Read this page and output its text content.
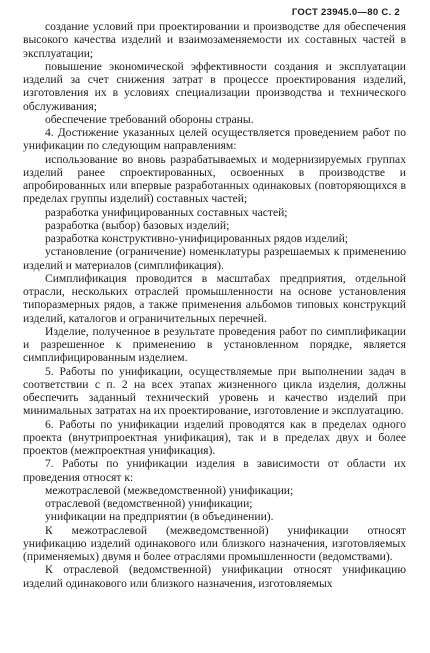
ГОСТ 23945.0—80 С. 2

создание условий при проектировании и производстве для обеспечения высокого качества изделий и взаимозаменяемости их составных частей в эксплуатации;

повышение экономической эффективности создания и эксплуатации изделий за счет снижения затрат в процессе проектирования изделий, изготовления их в условиях специализации производства и технического обслуживания;

обеспечение требований обороны страны.

4. Достижение указанных целей осуществляется проведением работ по унификации по следующим направлениям:

использование во вновь разрабатываемых и модернизируемых группах изделий ранее спроектированных, освоенных в производстве и апробированных или впервые разработанных одинаковых (повторяющихся в пределах группы изделий) составных частей;

разработка унифицированных составных частей;

разработка (выбор) базовых изделий;

разработка конструктивно-унифицированных рядов изделий;

установление (ограничение) номенклатуры разрешаемых к применению изделий и материалов (симплификация).

Симплификация проводится в масштабах предприятия, отдельной отрасли, нескольких отраслей промышленности на основе установления типоразмерных рядов, а также применения альбомов типовых конструкций изделий, каталогов и ограничительных перечней.

Изделие, полученное в результате проведения работ по симплификации и разрешенное к применению в установленном порядке, является симплифицированным изделием.

5. Работы по унификации, осуществляемые при выполнении задач в соответствии с п. 2 на всех этапах жизненного цикла изделия, должны обеспечить заданный технический уровень и качество изделий при минимальных затратах на их проектирование, изготовление и эксплуатацию.

6. Работы по унификации изделий проводятся как в пределах одного проекта (внутрипроектная унификация), так и в пределах двух и более проектов (межпроектная унификация).

7. Работы по унификации изделия в зависимости от области их проведения относят к:

межотраслевой (межведомственной) унификации;

отраслевой (ведомственной) унификации;

унификации на предприятии (в объединении).

К межотраслевой (межведомственной) унификации относят унификацию изделий одинакового или близкого назначения, изготовляемых (применяемых) двумя и более отраслями промышленности (ведомствами).

К отраслевой (ведомственной) унификации относят унификацию изделий одинакового или близкого назначения, изготовляемых
